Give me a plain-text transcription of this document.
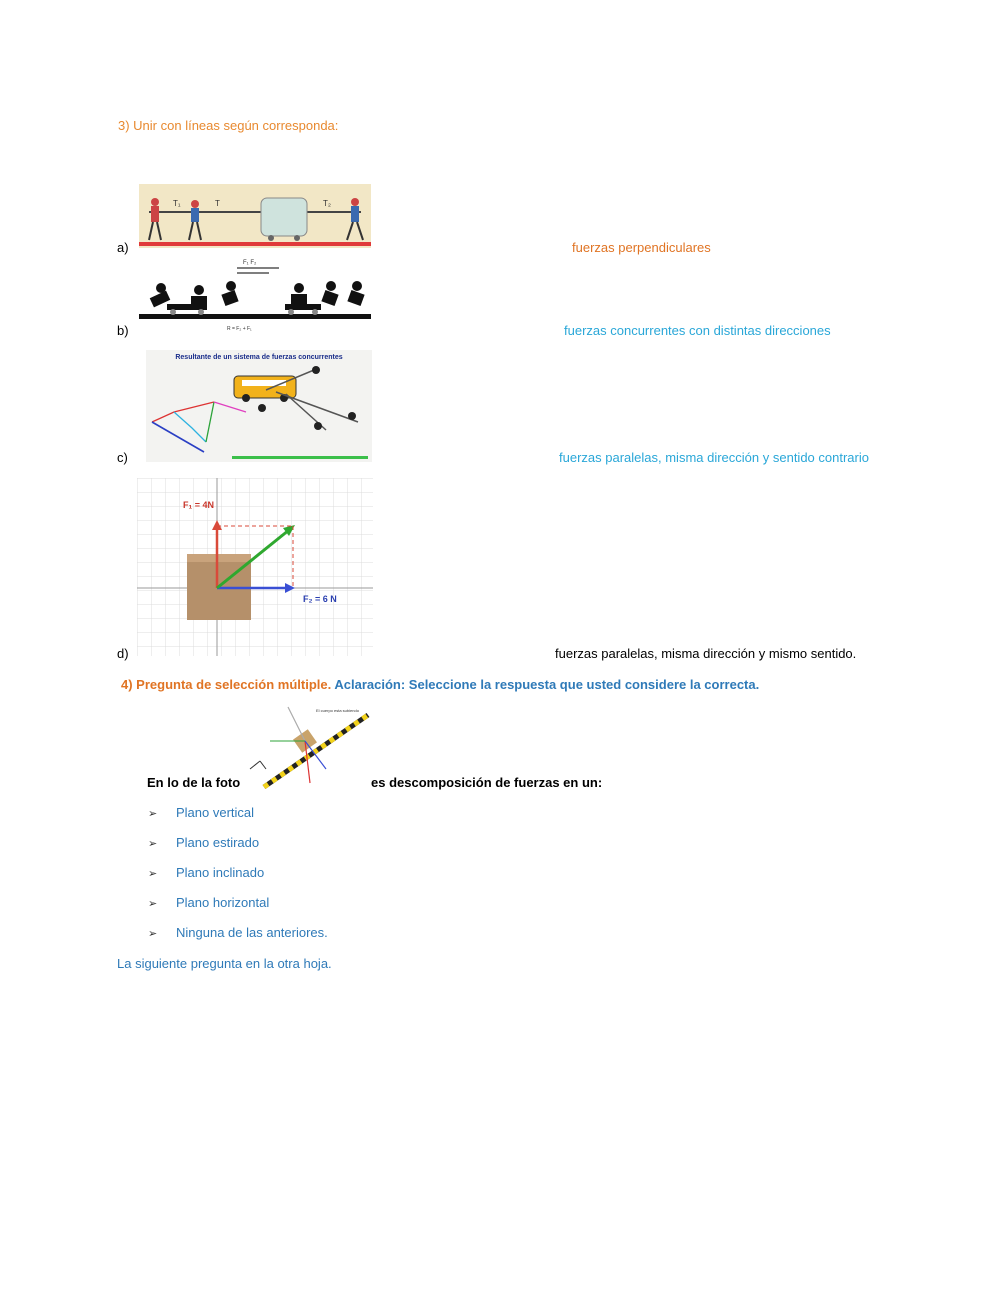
3) Unir con líneas según corresponda:
T₁	T	T₂
a)	fuerzas perpendiculares
F₁ F₂
R = F₂ + F₁
b)	fuerzas concurrentes con distintas direcciones
Resultante de un sistema de fuerzas concurrentes
c)	fuerzas paralelas, misma dirección y sentido contrario
F₁ = 4N
F₂ = 6 N
d)	fuerzas paralelas, misma dirección y mismo sentido.
4) Pregunta de selección múltiple. Aclaración: Seleccione la respuesta que usted considere la correcta.
El cuerpo esta subiendo
En lo de la foto	es descomposición de fuerzas en un:
➢ Plano vertical
➢ Plano estirado
➢ Plano inclinado
➢ Plano horizontal
➢ Ninguna de las anteriores.
La siguiente pregunta en la otra hoja.
